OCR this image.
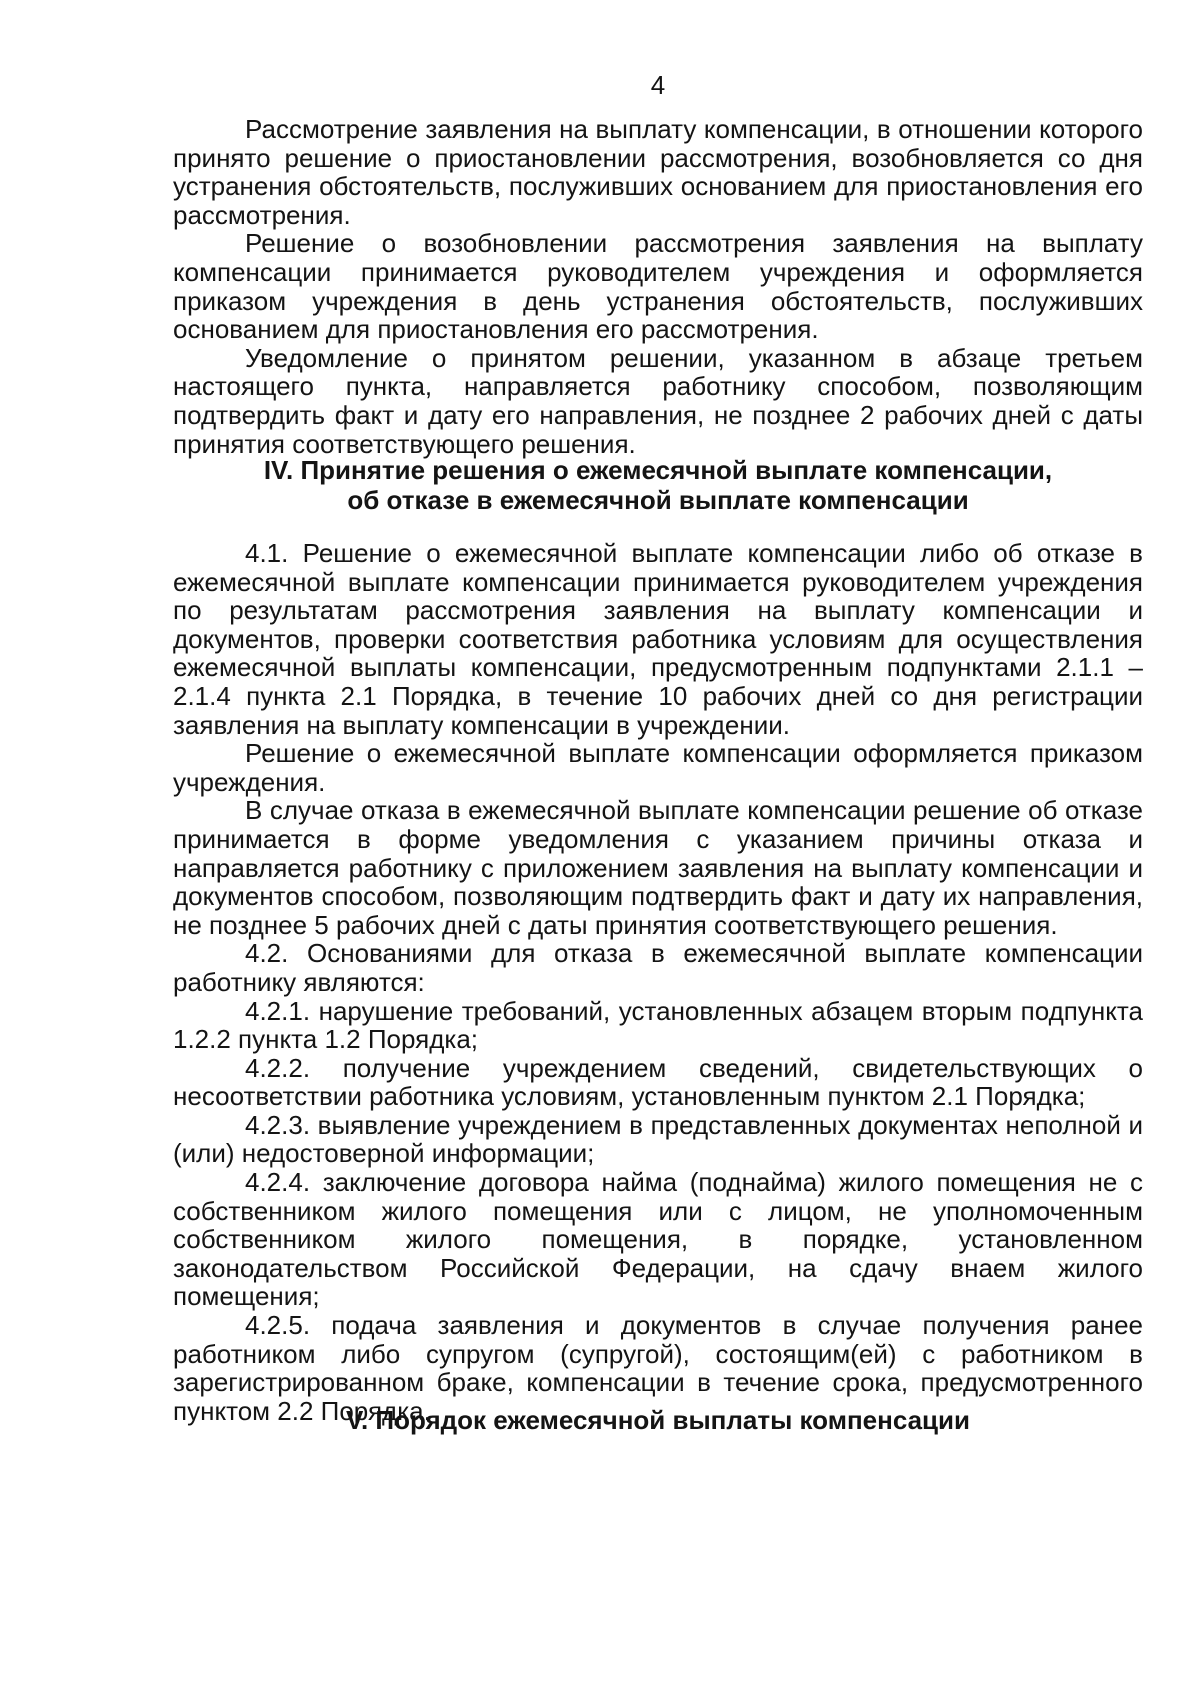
4

Рассмотрение заявления на выплату компенсации, в отношении которого принято решение о приостановлении рассмотрения, возобновляется со дня устранения обстоятельств, послуживших основанием для приостановления его рассмотрения.

Решение о возобновлении рассмотрения заявления на выплату компенсации принимается руководителем учреждения и оформляется приказом учреждения в день устранения обстоятельств, послуживших основанием для приостановления его рассмотрения.

Уведомление о принятом решении, указанном в абзаце третьем настоящего пункта, направляется работнику способом, позволяющим подтвердить факт и дату его направления, не позднее 2 рабочих дней с даты принятия соответствующего решения.

IV. Принятие решения о ежемесячной выплате компенсации,
об отказе в ежемесячной выплате компенсации

4.1. Решение о ежемесячной выплате компенсации либо об отказе в ежемесячной выплате компенсации принимается руководителем учреждения по результатам рассмотрения заявления на выплату компенсации и документов, проверки соответствия работника условиям для осуществления ежемесячной выплаты компенсации, предусмотренным подпунктами 2.1.1 – 2.1.4 пункта 2.1 Порядка, в течение 10 рабочих дней со дня регистрации заявления на выплату компенсации в учреждении.

Решение о ежемесячной выплате компенсации оформляется приказом учреждения.

В случае отказа в ежемесячной выплате компенсации решение об отказе принимается в форме уведомления с указанием причины отказа и направляется работнику с приложением заявления на выплату компенсации и документов способом, позволяющим подтвердить факт и дату их направления, не позднее 5 рабочих дней с даты принятия соответствующего решения.

4.2. Основаниями для отказа в ежемесячной выплате компенсации работнику являются:

4.2.1. нарушение требований, установленных абзацем вторым подпункта 1.2.2 пункта 1.2 Порядка;

4.2.2. получение учреждением сведений, свидетельствующих о несоответствии работника условиям, установленным пунктом 2.1 Порядка;

4.2.3. выявление учреждением в представленных документах неполной и (или) недостоверной информации;

4.2.4. заключение договора найма (поднайма) жилого помещения не с собственником жилого помещения или с лицом, не уполномоченным собственником жилого помещения, в порядке, установленном законодательством Российской Федерации, на сдачу внаем жилого помещения;

4.2.5. подача заявления и документов в случае получения ранее работником либо супругом (супругой), состоящим(ей) с работником в зарегистрированном браке, компенсации в течение срока, предусмотренного пунктом 2.2 Порядка.

V. Порядок ежемесячной выплаты компенсации
